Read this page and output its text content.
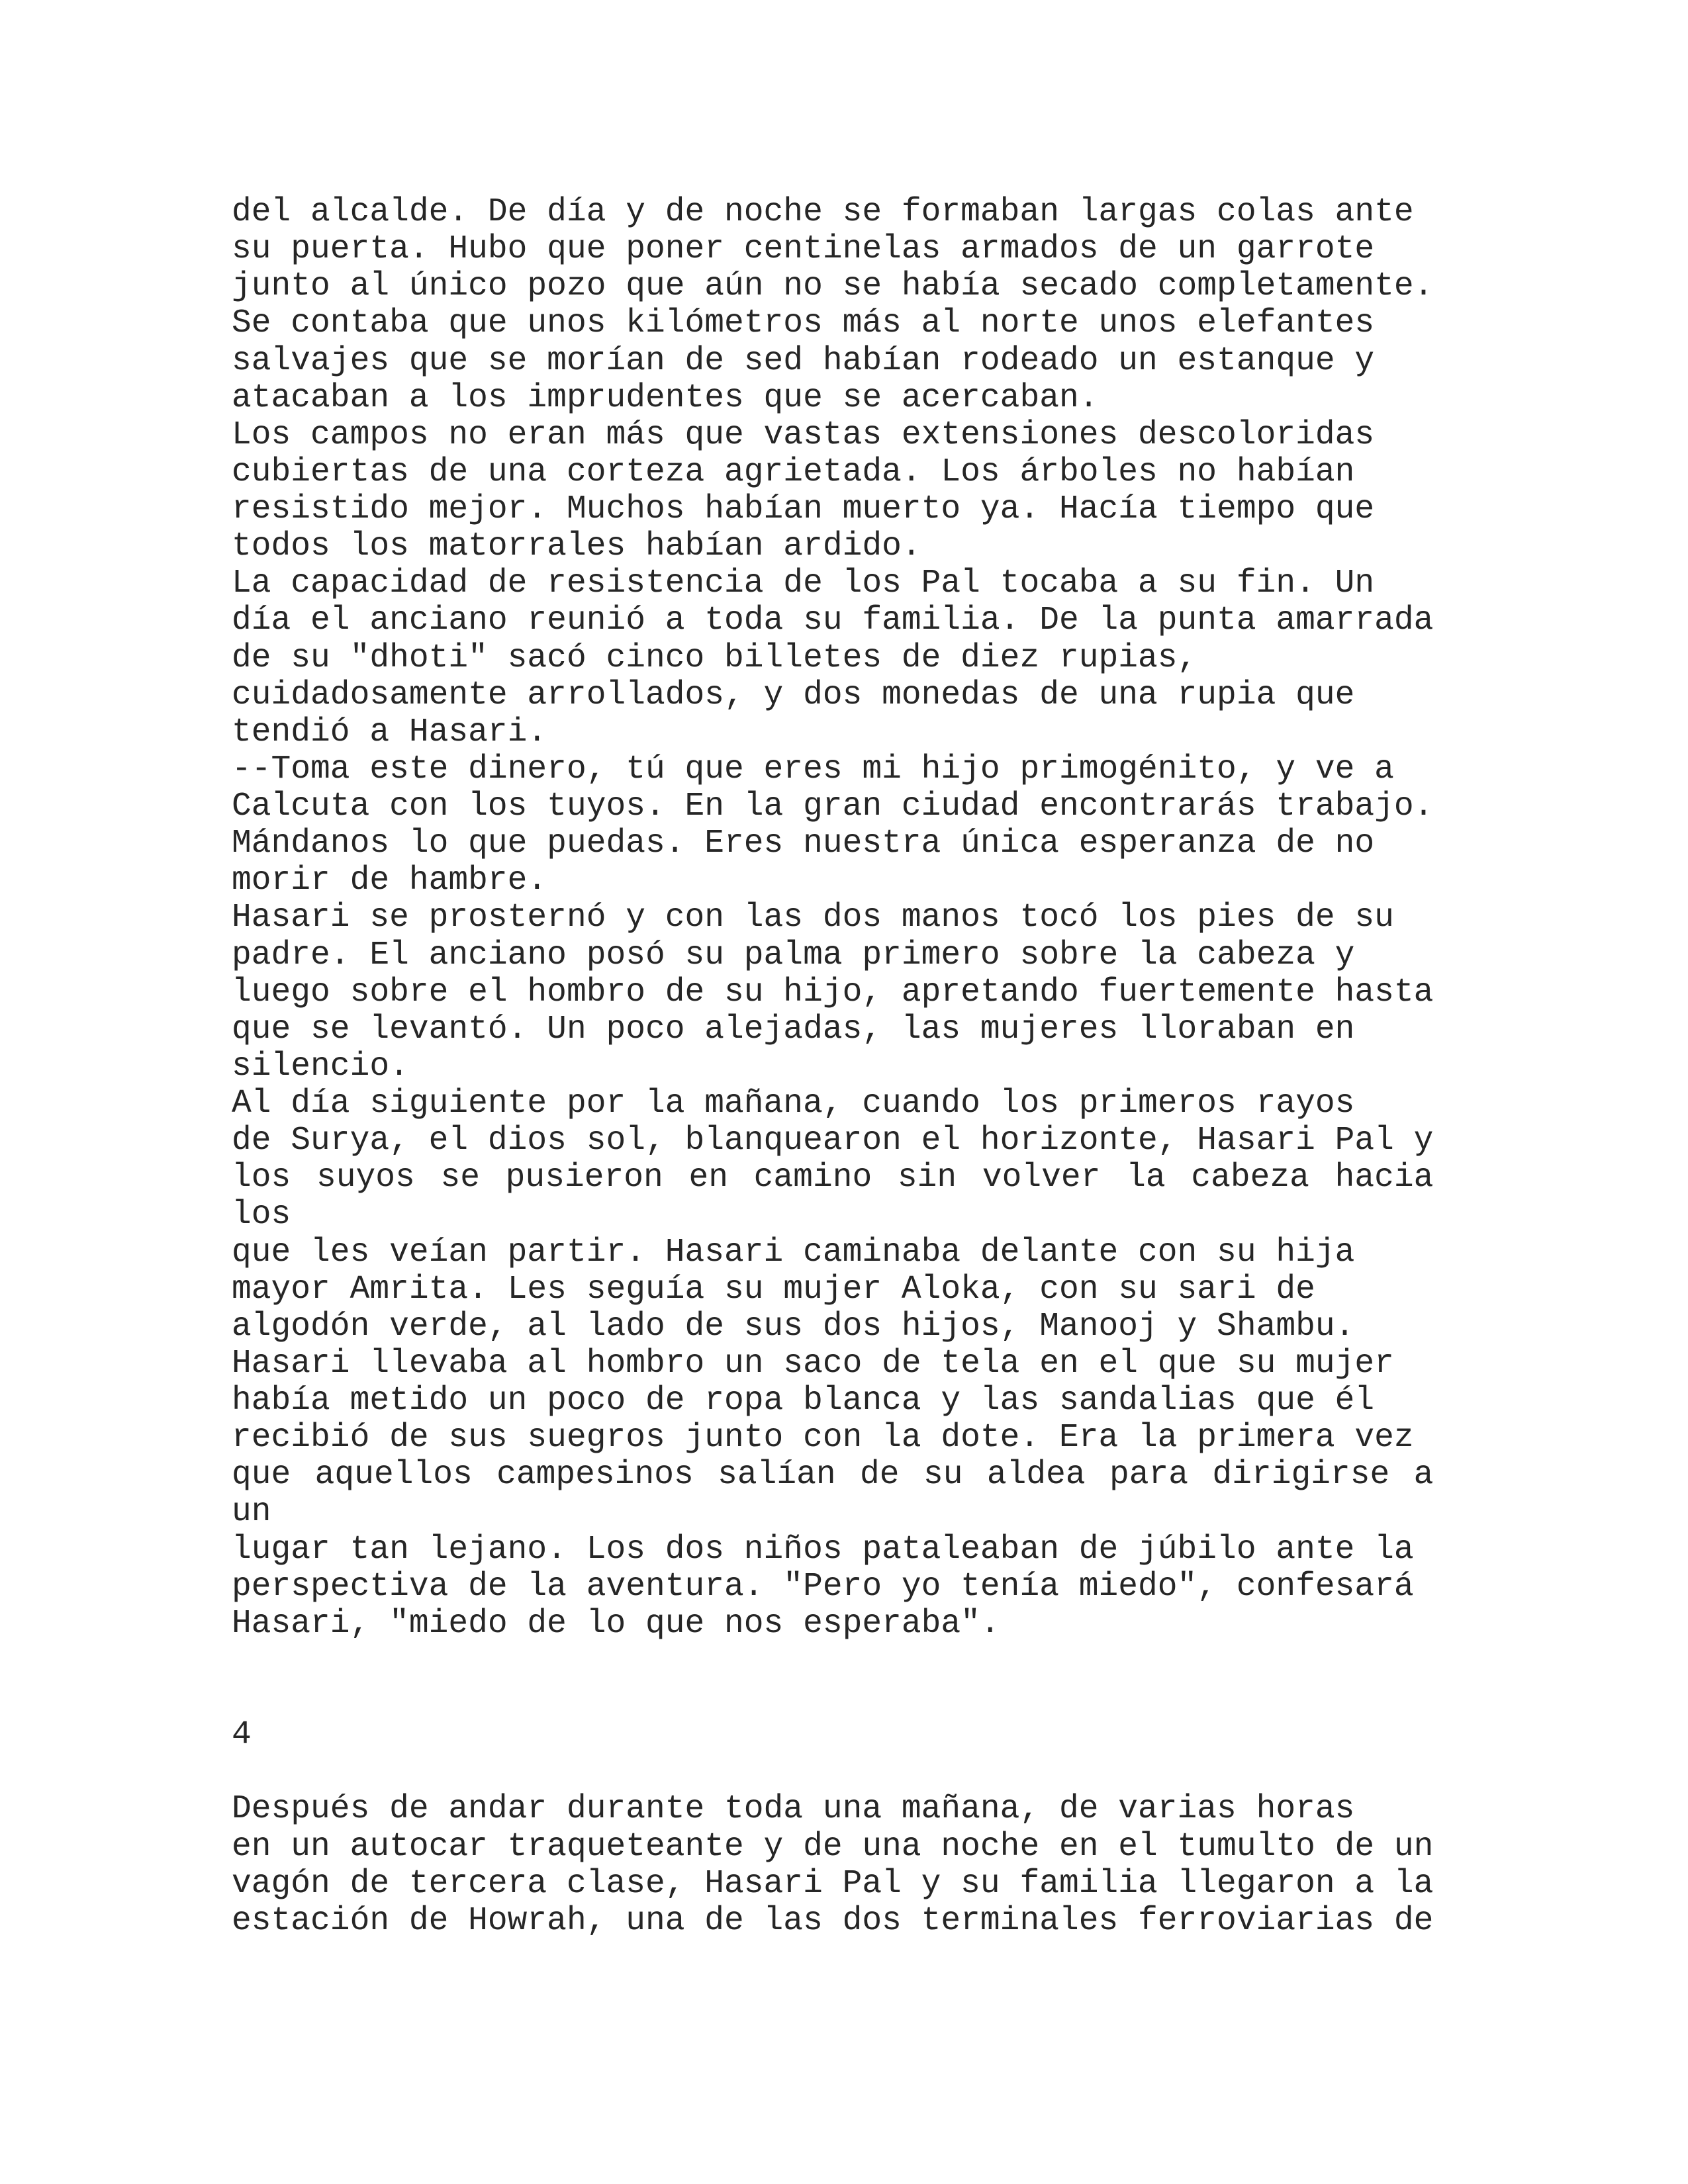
del alcalde. De día y de noche se formaban largas colas ante
su puerta. Hubo que poner centinelas armados de un garrote
junto al único pozo que aún no se había secado completamente.
Se contaba que unos kilómetros más al norte unos elefantes
salvajes que se morían de sed habían rodeado un estanque y
atacaban a los imprudentes que se acercaban.
Los campos no eran más que vastas extensiones descoloridas
cubiertas de una corteza agrietada. Los árboles no habían
resistido mejor. Muchos habían muerto ya. Hacía tiempo que
todos los matorrales habían ardido.
La capacidad de resistencia de los Pal tocaba a su fin. Un
día el anciano reunió a toda su familia. De la punta amarrada
de su "dhoti" sacó cinco billetes de diez rupias,
cuidadosamente arrollados, y dos monedas de una rupia que
tendió a Hasari.
--Toma este dinero, tú que eres mi hijo primogénito, y ve a
Calcuta con los tuyos. En la gran ciudad encontrarás trabajo.
Mándanos lo que puedas. Eres nuestra única esperanza de no
morir de hambre.
Hasari se prosternó y con las dos manos tocó los pies de su
padre. El anciano posó su palma primero sobre la cabeza y
luego sobre el hombro de su hijo, apretando fuertemente hasta
que se levantó. Un poco alejadas, las mujeres lloraban en
silencio.
Al día siguiente por la mañana, cuando los primeros rayos
de Surya, el dios sol, blanquearon el horizonte, Hasari Pal y
los suyos se pusieron en camino sin volver la cabeza hacia
los
que les veían partir. Hasari caminaba delante con su hija
mayor Amrita. Les seguía su mujer Aloka, con su sari de
algodón verde, al lado de sus dos hijos, Manooj y Shambu.
Hasari llevaba al hombro un saco de tela en el que su mujer
había metido un poco de ropa blanca y las sandalias que él
recibió de sus suegros junto con la dote. Era la primera vez
que aquellos campesinos salían de su aldea para dirigirse a
un
lugar tan lejano. Los dos niños pataleaban de júbilo ante la
perspectiva de la aventura. "Pero yo tenía miedo", confesará
Hasari, "miedo de lo que nos esperaba".
4
Después de andar durante toda una mañana, de varias horas
en un autocar traqueteante y de una noche en el tumulto de un
vagón de tercera clase, Hasari Pal y su familia llegaron a la
estación de Howrah, una de las dos terminales ferroviarias de
